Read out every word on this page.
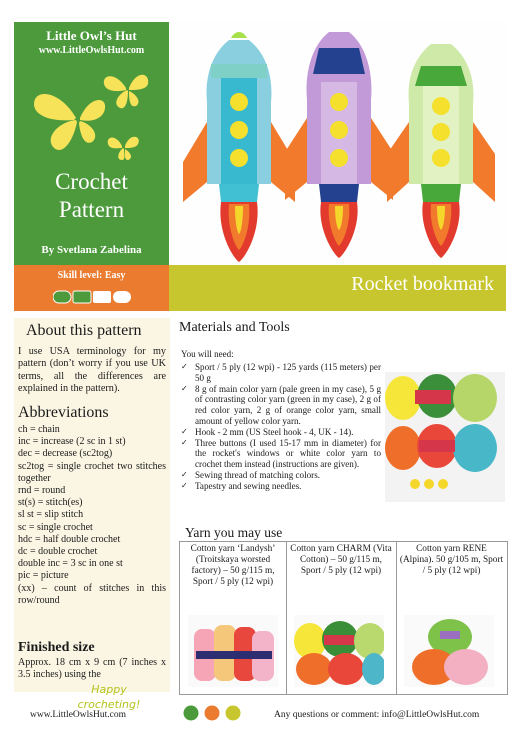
Little Owl’s Hut
www.LittleOwlsHut.com
Crochet
Pattern
By Svetlana Zabelina
Skill level: Easy	Rocket bookmark
About this pattern

I use USA terminology for my pattern (don’t worry if you use UK terms, all the differences are explained in the pattern).

Abbreviations
ch = chain
inc = increase (2 sc in 1 st)
dec = decrease (sc2tog)
sc2tog = single crochet two stitches together
rnd = round
st(s) = stitch(es)
sl st = slip stitch
sc = single crochet
hdc = half double crochet
dc = double crochet
double inc = 3 sc in one st
pic = picture
(xx) – count of stitches in this row/round
Finished size

Approx. 18 cm x 9 cm (7 inches x 3.5 inches) using the

Happy
crocheting!
Materials and Tools
You will need:
✓ Sport / 5 ply (12 wpi) - 125 yards (115 meters) per 50 g
✓ 8 g of main color yarn (pale green in my case), 5 g of contrasting color yarn (green in my case), 2 g of red color yarn, 2 g of orange color yarn, small amount of yellow color yarn.
✓ Hook - 2 mm (US Steel hook - 4, UK - 14).
✓ Three buttons (I used 15-17 mm in diameter) for the rocket's windows or white color yarn to crochet them instead (instructions are given).
✓ Sewing thread of matching colors.
✓ Tapestry and sewing needles.
Yarn you may use
Cotton yarn ‘Landysh’ (Troitskaya worsted factory) – 50 g/115 m, Sport / 5 ply (12 wpi)
Cotton yarn CHARM (Vita Cotton) – 50 g/115 m, Sport / 5 ply (12 wpi)
Cotton yarn RENE (Alpina). 50 g/105 m, Sport / 5 ply (12 wpi)
www.LittleOwlsHut.com	Any questions or comment: info@LittleOwlsHut.com
